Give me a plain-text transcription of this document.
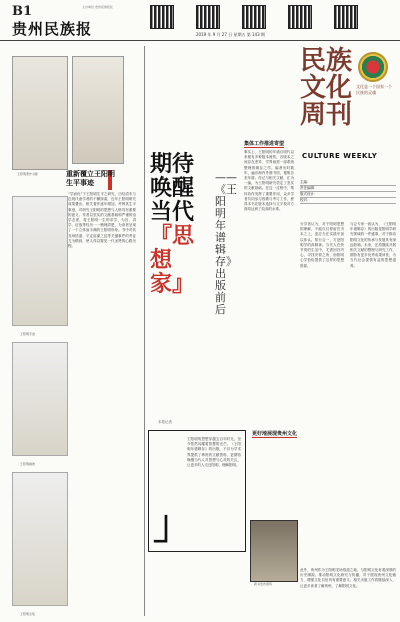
B1
贵州民族报
主办单位 贵州民族报社
2019 年 9 月 27 日 星期五 第 143 期
民族
文化
周刊
文化是一个国家一个民族的灵魂
CULTURE WEEKLY
主编：
责任编辑：
版式设计：
校对：
王阳明著作书影	重新覆立王阳明
生平事迹
王阳明手迹
王阳明画像
王阳明全集
“学而优”于王阳明生平之研究，历经清末与近现代诸学者的不懈探索，近年王阳明研究成果叠出，相关著作逐年增加，考辨其生平事迹，对研究王阳明的思想与人格具有重要的意义。作者以坚实的文献基础和严谨的治学态度，将王阳明一生的求学、为官、讲学、征战等经历一一梳理清楚，为读者呈现了一个立体而丰满的王阳明形象。书中对其龙场悟道、平定宸濠之乱等关键事件的考证尤为精到，使人得以窥见一代圣贤的心路历程。
期待唤醒当代
『思想家』
——《王阳明年谱辑存》出版前后
本报记者
」
王阳明的思想穿越五百年时光，至今依然闪耀着智慧的光芒。《王阳明年谱辑存》的出版，不仅为学术界提供了珍贵的文献资料，更期待唤醒当代人对思想与心灵的关注，让更多的人走近阳明、理解阳明。
集体工作推进寄望
事实上，王阳明的年谱自明代以来便有多种版本流传，各版本之间存在差异，学界亟需一部系统整理的辑存之作。编者历时数年，遍访海内外图书馆，搜集各类年谱、传记与相关文献，汇为一编，为王阳明研究奠定了坚实的文献基础。在这一过程中，集体协作发挥了重要作用，众多学者共同参与校勘与考订工作，使得本书在版本选择与文字校对方面均达到了较高的水准。
更好地展现贵州文化
新书发布现场
分享者认为，对于阳明思想的理解，不能仅仅停留在书本之上，更应当在实践中加以体认。知行合一，方是阳明学的真精神。当代人在快节奏的生活中，尤需回归内心，寻找安顿之所，而阳明心学恰恰提供了这样的思想资源。
与会专家一致认为，《王阳明年谱辑存》的出版是阳明学研究领域的一件盛事，对于推动阳明文化的传承与发展具有深远影响。未来，还将继续开展相关文献的整理与研究工作，期待有更多优秀成果问世，为当代社会提供有益的思想滋养。
此外，贵州作为王阳明龙场悟道之地，与阳明文化有着深厚的历史渊源。推动阳明文化研究与传播，对于展现贵州文化魅力、增强文化自信具有重要意义。相关出版工作将继续深入，让更多读者了解贵州、了解阳明文化。
